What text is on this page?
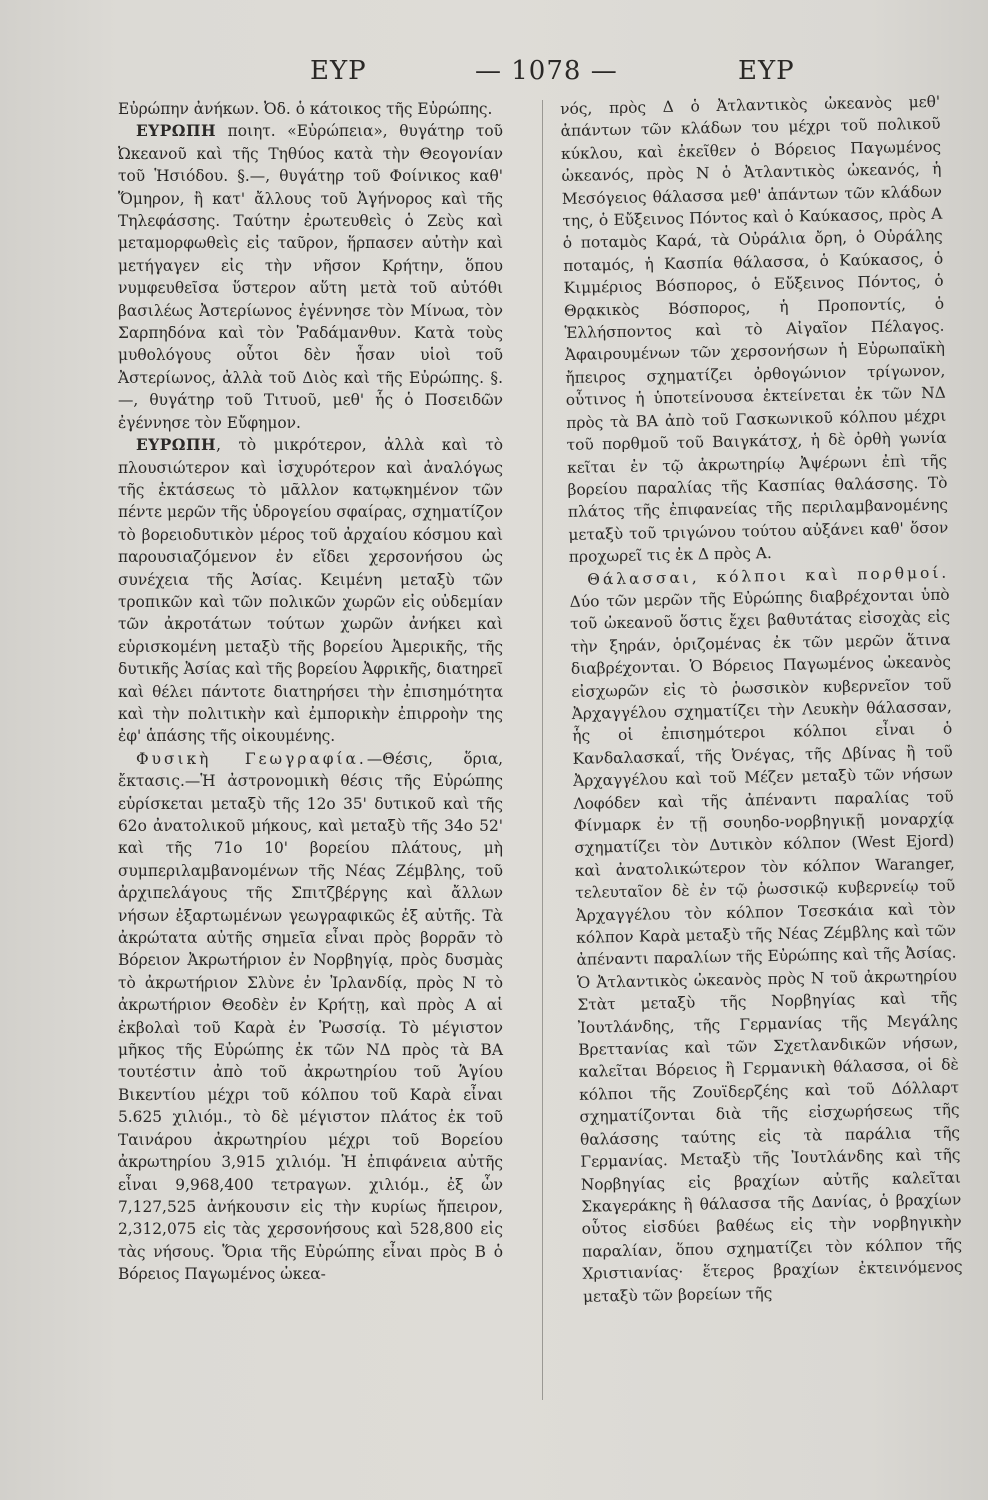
ΕΥΡ	— 1078 —	ΕΥΡ

Εὐρώπην ἀνήκων. Ὀδ. ὁ κάτοικος τῆς Εὐρώπης.

ΕΥΡΩΠΗ ποιητ. «Εὐρώπεια», θυγάτηρ τοῦ Ὠκεανοῦ καὶ τῆς Τηθύος κατὰ τὴν Θεογονίαν τοῦ Ἡσιόδου. §.—, θυγάτηρ τοῦ Φοίνικος καθ' Ὅμηρον, ἢ κατ' ἄλλους τοῦ Ἀγήνορος καὶ τῆς Τηλεφάσσης. Ταύτην ἐρωτευθεὶς ὁ Ζεὺς καὶ μεταμορφωθεὶς εἰς ταῦρον, ἥρπασεν αὐτὴν καὶ μετήγαγεν εἰς τὴν νῆσον Κρήτην, ὅπου νυμφευθεῖσα ὕστερον αὕτη μετὰ τοῦ αὐτόθι βασιλέως Ἀστερίωνος ἐγέννησε τὸν Μίνωα, τὸν Σαρπηδόνα καὶ τὸν Ῥαδάμανθυν. Κατὰ τοὺς μυθολόγους οὗτοι δὲν ἦσαν υἱοὶ τοῦ Ἀστερίωνος, ἀλλὰ τοῦ Διὸς καὶ τῆς Εὐρώπης. §.—, θυγάτηρ τοῦ Τιτυοῦ, μεθ' ἧς ὁ Ποσειδῶν ἐγέννησε τὸν Εὔφημον.

ΕΥΡΩΠΗ, τὸ μικρότερον, ἀλλὰ καὶ τὸ πλουσιώτερον καὶ ἰσχυρότερον καὶ ἀναλόγως τῆς ἐκτάσεως τὸ μᾶλλον κατῳκημένον τῶν πέντε μερῶν τῆς ὑδρογείου σφαίρας, σχηματίζον τὸ βορειοδυτικὸν μέρος τοῦ ἀρχαίου κόσμου καὶ παρουσιαζόμενον ἐν εἴδει χερσονήσου ὡς συνέχεια τῆς Ἀσίας. Κειμένη μεταξὺ τῶν τροπικῶν καὶ τῶν πολικῶν χωρῶν εἰς οὐδεμίαν τῶν ἀκροτάτων τούτων χωρῶν ἀνήκει καὶ εὑρισκομένη μεταξὺ τῆς βορείου Ἀμερικῆς, τῆς δυτικῆς Ἀσίας καὶ τῆς βορείου Ἀφρικῆς, διατηρεῖ καὶ θέλει πάντοτε διατηρήσει τὴν ἐπισημότητα καὶ τὴν πολιτικὴν καὶ ἐμπορικὴν ἐπιρροὴν της ἐφ' ἁπάσης τῆς οἰκουμένης.

Φυσικὴ Γεωγραφία.—Θέσις, ὅρια, ἔκτασις.—Ἡ ἀστρονομικὴ θέσις τῆς Εὐρώπης εὑρίσκεται μεταξὺ τῆς 12ο 35' δυτικοῦ καὶ τῆς 62ο ἀνατολικοῦ μήκους, καὶ μεταξὺ τῆς 34ο 52' καὶ τῆς 71ο 10' βορείου πλάτους, μὴ συμπεριλαμβανομένων τῆς Νέας Ζέμβλης, τοῦ ἀρχιπελάγους τῆς Σπιτζβέργης καὶ ἄλλων νήσων ἐξαρτωμένων γεωγραφικῶς ἐξ αὐτῆς. Τὰ ἀκρώτατα αὐτῆς σημεῖα εἶναι πρὸς βορρᾶν τὸ Βόρειον Ἀκρωτήριον ἐν Νορβηγίᾳ, πρὸς δυσμὰς τὸ ἀκρωτήριον Σλὺνε ἐν Ἰρλανδίᾳ, πρὸς Ν τὸ ἀκρωτήριον Θεοδὲν ἐν Κρήτῃ, καὶ πρὸς Α αἱ ἐκβολαὶ τοῦ Καρὰ ἐν Ῥωσσίᾳ. Τὸ μέγιστον μῆκος τῆς Εὐρώπης ἐκ τῶν ΝΔ πρὸς τὰ ΒΑ τουτέστιν ἀπὸ τοῦ ἀκρωτηρίου τοῦ Ἁγίου Βικεντίου μέχρι τοῦ κόλπου τοῦ Καρὰ εἶναι 5.625 χιλιόμ., τὸ δὲ μέγιστον πλάτος ἐκ τοῦ Ταινάρου ἀκρωτηρίου μέχρι τοῦ Βορείου ἀκρωτηρίου 3,915 χιλιόμ. Ἡ ἐπιφάνεια αὐτῆς εἶναι 9,968,400 τετραγων. χιλιόμ., ἐξ ὧν 7,127,525 ἀνήκουσιν εἰς τὴν κυρίως ἤπειρον, 2,312,075 εἰς τὰς χερσονήσους καὶ 528,800 εἰς τὰς νήσους. Ὅρια τῆς Εὐρώπης εἶναι πρὸς Β ὁ Βόρειος Παγωμένος ὠκεα-

νός, πρὸς Δ ὁ Ἀτλαντικὸς ὠκεανὸς μεθ' ἁπάντων τῶν κλάδων του μέχρι τοῦ πολικοῦ κύκλου, καὶ ἐκεῖθεν ὁ Βόρειος Παγωμένος ὠκεανός, πρὸς Ν ὁ Ἀτλαντικὸς ὠκεανός, ἡ Μεσόγειος θάλασσα μεθ' ἁπάντων τῶν κλάδων της, ὁ Εὔξεινος Πόντος καὶ ὁ Καύκασος, πρὸς Α ὁ ποταμὸς Καρά, τὰ Οὐράλια ὄρη, ὁ Οὐράλης ποταμός, ἡ Κασπία θάλασσα, ὁ Καύκασος, ὁ Κιμμέριος Βόσπορος, ὁ Εὔξεινος Πόντος, ὁ Θρᾳκικὸς Βόσπορος, ἡ Προποντίς, ὁ Ἑλλήσποντος καὶ τὸ Αἰγαῖον Πέλαγος. Ἀφαιρουμένων τῶν χερσονήσων ἡ Εὐρωπαϊκὴ ἤπειρος σχηματίζει ὀρθογώνιον τρίγωνον, οὗτινος ἡ ὑποτείνουσα ἐκτείνεται ἐκ τῶν ΝΔ πρὸς τὰ ΒΑ ἀπὸ τοῦ Γασκωνικοῦ κόλπου μέχρι τοῦ πορθμοῦ τοῦ Βαιγκάτσχ, ἡ δὲ ὀρθὴ γωνία κεῖται ἐν τῷ ἀκρωτηρίῳ Ἀψέρωνι ἐπὶ τῆς βορείου παραλίας τῆς Κασπίας θαλάσσης. Τὸ πλάτος τῆς ἐπιφανείας τῆς περιλαμβανομένης μεταξὺ τοῦ τριγώνου τούτου αὐξάνει καθ' ὅσον προχωρεῖ τις ἐκ Δ πρὸς Α.

Θάλασσαι, κόλποι καὶ πορθμοί. Δύο τῶν μερῶν τῆς Εὐρώπης διαβρέχονται ὑπὸ τοῦ ὠκεανοῦ ὅστις ἔχει βαθυτάτας εἰσοχὰς εἰς τὴν ξηράν, ὁριζομένας ἐκ τῶν μερῶν ἅτινα διαβρέχονται. Ὁ Βόρειος Παγωμένος ὠκεανὸς εἰσχωρῶν εἰς τὸ ῥωσσικὸν κυβερνεῖον τοῦ Ἀρχαγγέλου σχηματίζει τὴν Λευκὴν θάλασσαν, ἧς οἱ ἐπισημότεροι κόλποι εἶναι ὁ Κανδαλασκαΐ, τῆς Ὀνέγας, τῆς Δβίνας ἢ τοῦ Ἀρχαγγέλου καὶ τοῦ Μέζεν μεταξὺ τῶν νήσων Λοφόδεν καὶ τῆς ἀπέναντι παραλίας τοῦ Φίνμαρκ ἐν τῇ σουηδο-νορβηγικῇ μοναρχίᾳ σχηματίζει τὸν Δυτικὸν κόλπον (West Ejord) καὶ ἀνατολικώτερον τὸν κόλπον Waranger, τελευταῖον δὲ ἐν τῷ ῥωσσικῷ κυβερνείῳ τοῦ Ἀρχαγγέλου τὸν κόλπον Τσεσκάια καὶ τὸν κόλπον Καρὰ μεταξὺ τῆς Νέας Ζέμβλης καὶ τῶν ἀπέναντι παραλίων τῆς Εὐρώπης καὶ τῆς Ἀσίας. Ὁ Ἀτλαντικὸς ὠκεανὸς πρὸς Ν τοῦ ἀκρωτηρίου Στὰτ μεταξὺ τῆς Νορβηγίας καὶ τῆς Ἰουτλάνδης, τῆς Γερμανίας τῆς Μεγάλης Βρεττανίας καὶ τῶν Σχετλανδικῶν νήσων, καλεῖται Βόρειος ἢ Γερμανικὴ θάλασσα, οἱ δὲ κόλποι τῆς Ζουϊδερζέης καὶ τοῦ Δόλλαρτ σχηματίζονται διὰ τῆς εἰσχωρήσεως τῆς θαλάσσης ταύτης εἰς τὰ παράλια τῆς Γερμανίας. Μεταξὺ τῆς Ἰουτλάνδης καὶ τῆς Νορβηγίας εἰς βραχίων αὐτῆς καλεῖται Σκαγεράκης ἢ θάλασσα τῆς Δανίας, ὁ βραχίων οὗτος εἰσδύει βαθέως εἰς τὴν νορβηγικὴν παραλίαν, ὅπου σχηματίζει τὸν κόλπον τῆς Χριστιανίας· ἕτερος βραχίων ἐκτεινόμενος μεταξὺ τῶν βορείων τῆς
